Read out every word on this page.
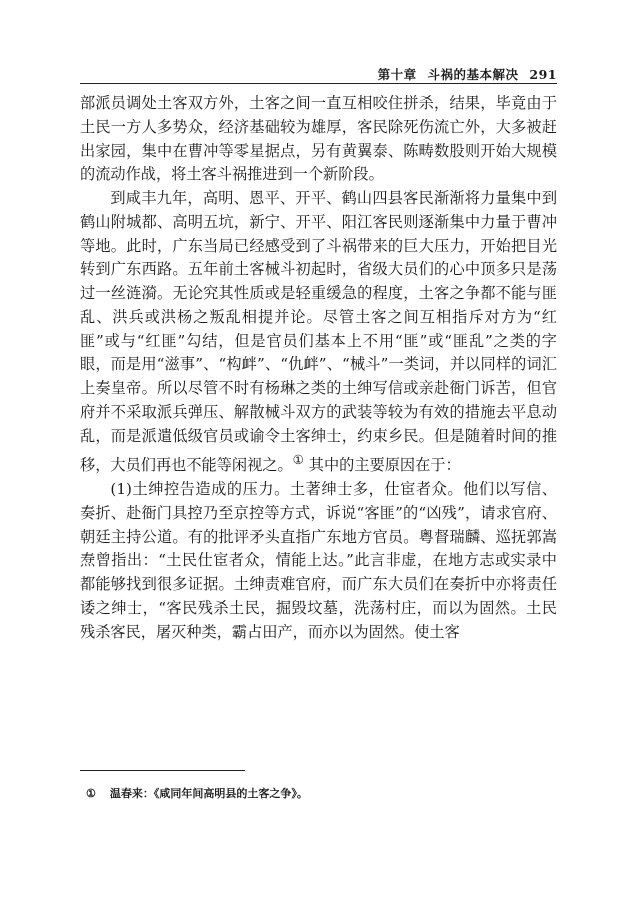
第十章 斗祸的基本解决 291

部派员调处土客双方外，土客之间一直互相咬住拼杀，结果，毕竟由于土民一方人多势众，经济基础较为雄厚，客民除死伤流亡外，大多被赶出家园，集中在曹冲等零星据点，另有黄翼泰、陈畴数股则开始大规模的流动作战，将土客斗祸推进到一个新阶段。

到咸丰九年，高明、恩平、开平、鹤山四县客民渐渐将力量集中到鹤山附城都、高明五坑，新宁、开平、阳江客民则逐渐集中力量于曹冲等地。此时，广东当局已经感受到了斗祸带来的巨大压力，开始把目光转到广东西路。五年前土客械斗初起时，省级大员们的心中顶多只是荡过一丝涟漪。无论究其性质或是轻重缓急的程度，土客之争都不能与匪乱、洪兵或洪杨之叛乱相提并论。尽管土客之间互相指斥对方为“红匪”或与“红匪”勾结，但是官员们基本上不用“匪”或“匪乱”之类的字眼，而是用“滋事”、“构衅”、“仇衅”、“械斗”一类词，并以同样的词汇上奏皇帝。所以尽管不时有杨琳之类的土绅写信或亲赴衙门诉苦，但官府并不采取派兵弹压、解散械斗双方的武装等较为有效的措施去平息动乱，而是派遣低级官员或谕令土客绅士，约束乡民。但是随着时间的推移，大员们再也不能等闲视之。① 其中的主要原因在于：

(1)土绅控告造成的压力。土著绅士多，仕宦者众。他们以写信、奏折、赴衙门具控乃至京控等方式，诉说“客匪”的“凶残”，请求官府、朝廷主持公道。有的批评矛头直指广东地方官员。粤督瑞麟、巡抚郭嵩焘曾指出：“土民仕宦者众，情能上达。”此言非虚，在地方志或实录中都能够找到很多证据。土绅责难官府，而广东大员们在奏折中亦将责任诿之绅士，“客民残杀土民，掘毁坟墓，洗荡村庄，而以为固然。土民残杀客民，屠灭种类，霸占田产，而亦以为固然。使土客

① 温春来：《咸同年间高明县的土客之争》。
